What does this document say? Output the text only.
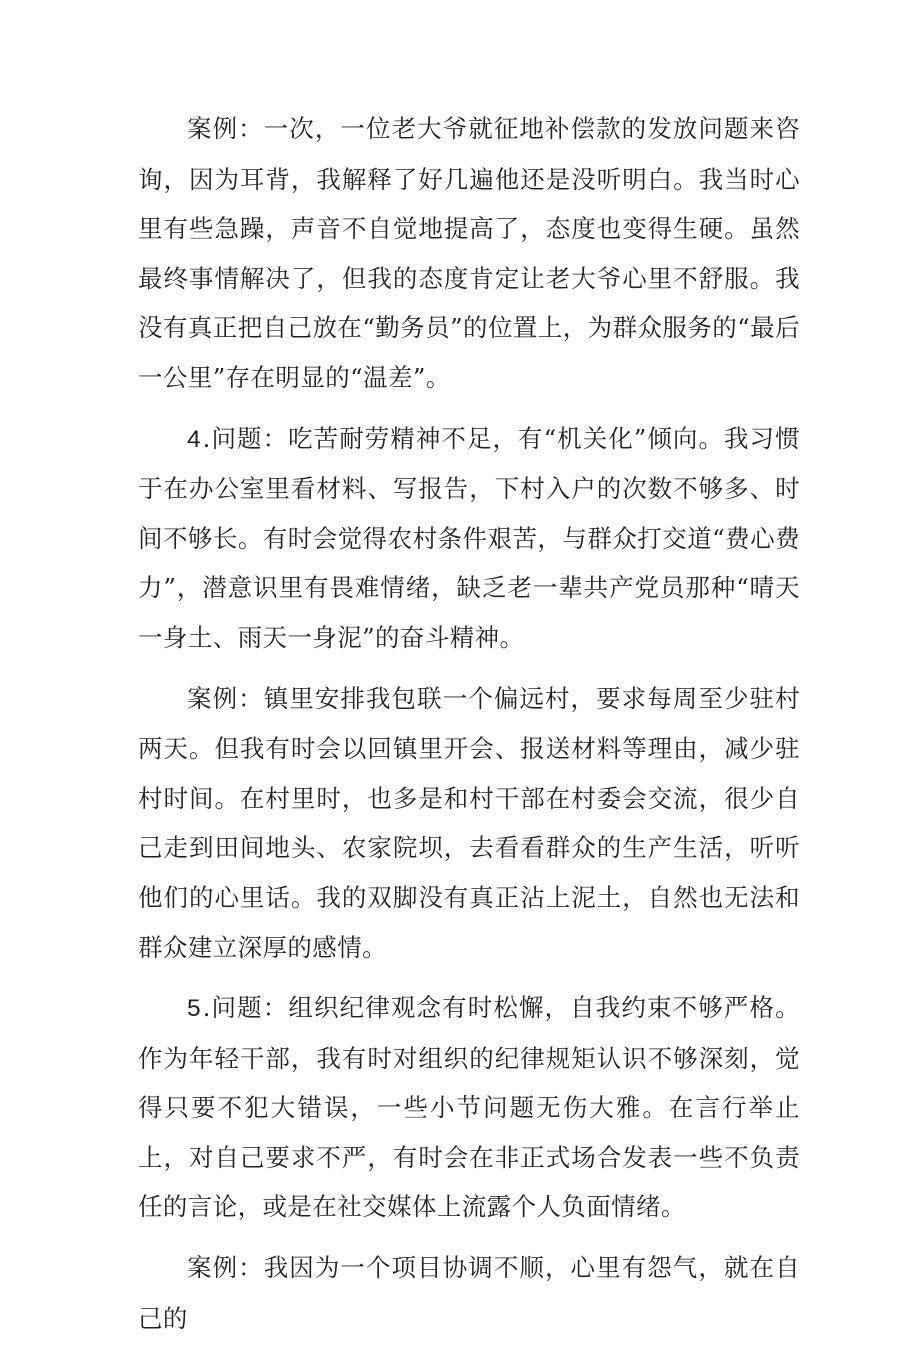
案例：一次，一位老大爷就征地补偿款的发放问题来咨询，因为耳背，我解释了好几遍他还是没听明白。我当时心里有些急躁，声音不自觉地提高了，态度也变得生硬。虽然最终事情解决了，但我的态度肯定让老大爷心里不舒服。我没有真正把自己放在“勤务员”的位置上，为群众服务的“最后一公里”存在明显的“温差”。

4.问题：吃苦耐劳精神不足，有“机关化”倾向。我习惯于在办公室里看材料、写报告，下村入户的次数不够多、时间不够长。有时会觉得农村条件艰苦，与群众打交道“费心费力”，潜意识里有畏难情绪，缺乏老一辈共产党员那种“晴天一身土、雨天一身泥”的奋斗精神。

案例：镇里安排我包联一个偏远村，要求每周至少驻村两天。但我有时会以回镇里开会、报送材料等理由，减少驻村时间。在村里时，也多是和村干部在村委会交流，很少自己走到田间地头、农家院坝，去看看群众的生产生活，听听他们的心里话。我的双脚没有真正沾上泥土，自然也无法和群众建立深厚的感情。

5.问题：组织纪律观念有时松懈，自我约束不够严格。作为年轻干部，我有时对组织的纪律规矩认识不够深刻，觉得只要不犯大错误，一些小节问题无伤大雅。在言行举止上，对自己要求不严，有时会在非正式场合发表一些不负责任的言论，或是在社交媒体上流露个人负面情绪。

案例：我因为一个项目协调不顺，心里有怨气，就在自己的
